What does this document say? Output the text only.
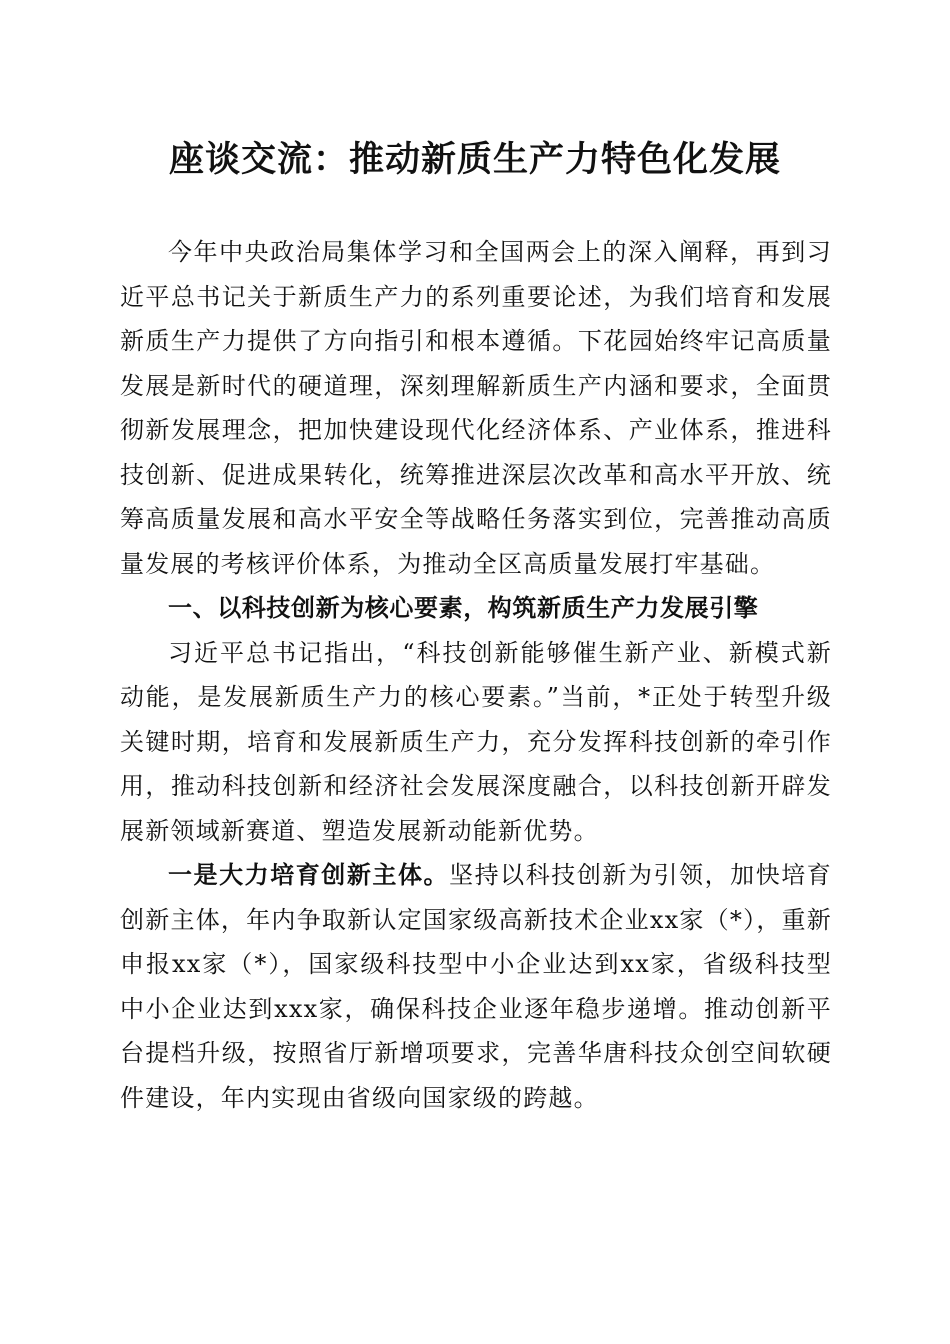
座谈交流：推动新质生产力特色化发展

今年中央政治局集体学习和全国两会上的深入阐释，再到习近平总书记关于新质生产力的系列重要论述，为我们培育和发展新质生产力提供了方向指引和根本遵循。下花园始终牢记高质量发展是新时代的硬道理，深刻理解新质生产内涵和要求，全面贯彻新发展理念，把加快建设现代化经济体系、产业体系，推进科技创新、促进成果转化，统筹推进深层次改革和高水平开放、统筹高质量发展和高水平安全等战略任务落实到位，完善推动高质量发展的考核评价体系，为推动全区高质量发展打牢基础。

一、以科技创新为核心要素，构筑新质生产力发展引擎

习近平总书记指出，“科技创新能够催生新产业、新模式新动能，是发展新质生产力的核心要素。”当前，*正处于转型升级关键时期，培育和发展新质生产力，充分发挥科技创新的牵引作用，推动科技创新和经济社会发展深度融合，以科技创新开辟发展新领域新赛道、塑造发展新动能新优势。

一是大力培育创新主体。坚持以科技创新为引领，加快培育创新主体，年内争取新认定国家级高新技术企业xx家（*），重新申报xx家（*），国家级科技型中小企业达到xx家，省级科技型中小企业达到xxx家，确保科技企业逐年稳步递增。推动创新平台提档升级，按照省厅新增项要求，完善华唐科技众创空间软硬件建设，年内实现由省级向国家级的跨越。
